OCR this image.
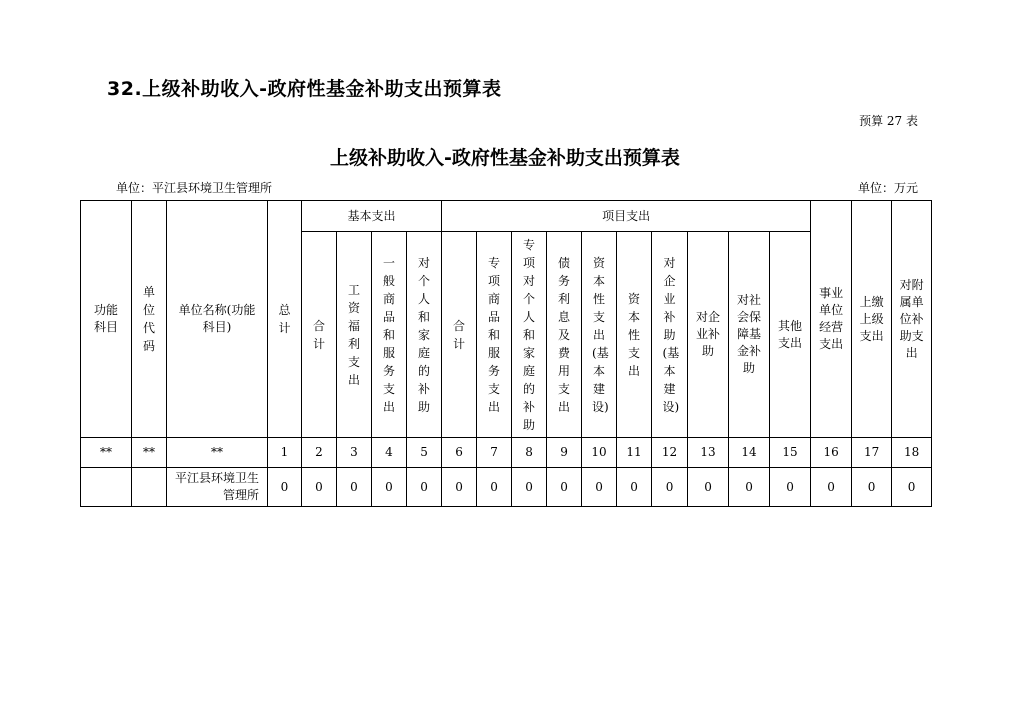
32.上级补助收入-政府性基金补助支出预算表
预算 27 表
上级补助收入-政府性基金补助支出预算表
单位：平江县环境卫生管理所	单位：万元
功能科目	单位代码	单位名称(功能科目)	总计	基本支出				项目支出										事业单位经营支出	上缴上级支出	对附属单位补助支出
				合计	工资福利支出	一般商品和服务支出	对个人和家庭的补助	合计	专项商品和服务支出	专项对个人和家庭的补助	债务利息及费用支出	资本性支出(基本建设)	资本性支出	对企业补助(基本建设)	对企业补助	对社会保障基金补助	其他支出			
**	**	**	1	2	3	4	5	6	7	8	9	10	11	12	13	14	15	16	17	18
		平江县环境卫生管理所	0	0	0	0	0	0	0	0	0	0	0	0	0	0	0	0	0	0
